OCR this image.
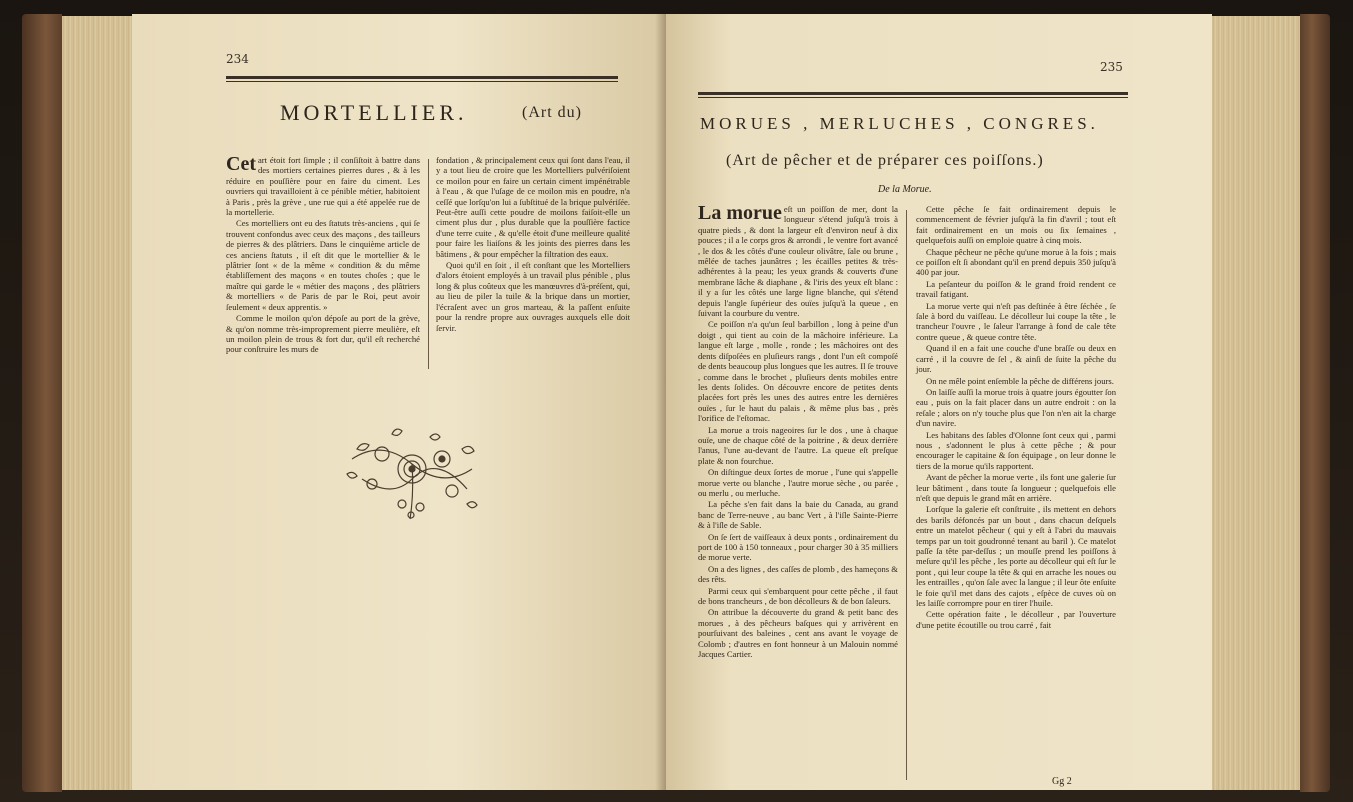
234
MORTELLIER.	(Art du)

Cet art étoit fort ſimple ; il conſiſtoit à battre dans des mortiers certaines pierres dures , & à les réduire en pouſſière pour en faire du ciment. Les ouvriers qui travailloient à ce pénible métier, habitoient à Paris , près la grève , une rue qui a été appelée rue de la mortellerie.

Ces mortelliers ont eu des ſtatuts très-anciens , qui ſe trouvent confondus avec ceux des maçons , des tailleurs de pierres & des plâtriers. Dans le cinquième article de ces anciens ſtatuts , il eſt dit que le mortellier & le plâtrier ſont « de la même « condition & du même établiſſement des maçons « en toutes choſes ; que le maître qui garde le « métier des maçons , des plâtriers & mortelliers « de Paris de par le Roi, peut avoir ſeulement « deux apprentis. »

Comme le moilon qu'on dépoſe au port de la grève, & qu'on nomme très-improprement pierre meulière, eſt un moilon plein de trous & fort dur, qu'il eſt recherché pour conſtruire les murs de

fondation , & principalement ceux qui ſont dans l'eau, il y a tout lieu de croire que les Mortelliers pulvériſoient ce moilon pour en faire un certain ciment impénétrable à l'eau , & que l'uſage de ce moilon mis en poudre, n'a ceſſé que lorſqu'on lui a ſubſtitué de la brique pulvériſée. Peut-être auſſi cette poudre de moilons faiſoit-elle un ciment plus dur , plus durable que la pouſſière factice d'une terre cuite , & qu'elle étoit d'une meilleure qualité pour faire les liaiſons & les joints des pierres dans les bâtimens , & pour empêcher la filtration des eaux.

Quoi qu'il en ſoit , il eſt conſtant que les Mortelliers d'alors étoient employés à un travail plus pénible , plus long & plus coûteux que les manœuvres d'à-préſent, qui, au lieu de piler la tuile & la brique dans un mortier, l'écraſent avec un gros marteau, & la paſſent enſuite pour la rendre propre aux ouvrages auxquels elle doit ſervir.

235
MORUES , MERLUCHES , CONGRES.
(Art de pêcher et de préparer ces poiſſons.)
De la Morue.

La morue eſt un poiſſon de mer, dont la longueur s'étend juſqu'à trois à quatre pieds , & dont la largeur eſt d'environ neuf à dix pouces ; il a le corps gros & arrondi , le ventre fort avancé , le dos & les côtés d'une couleur olivâtre, ſale ou brune , mêlée de taches jaunâtres ; les écailles petites & très-adhérentes à la peau; les yeux grands & couverts d'une membrane lâche & diaphane , & l'iris des yeux eſt blanc : il y a ſur les côtés une large ligne blanche, qui s'étend depuis l'angle ſupérieur des ouïes juſqu'à la queue , en ſuivant la courbure du ventre.

Ce poiſſon n'a qu'un ſeul barbillon , long à peine d'un doigt , qui tient au coin de la mâchoire inférieure. La langue eſt large , molle , ronde ; les mâchoires ont des dents diſpoſées en pluſieurs rangs , dont l'un eſt compoſé de dents beaucoup plus longues que les autres. Il ſe trouve , comme dans le brochet , pluſieurs dents mobiles entre les dents ſolides. On découvre encore de petites dents placées fort près les unes des autres entre les dernières ouïes , ſur le haut du palais , & même plus bas , près l'orifice de l'eſtomac.

La morue a trois nageoires ſur le dos , une à chaque ouïe, une de chaque côté de la poitrine , & deux derrière l'anus, l'une au-devant de l'autre. La queue eſt preſque plate & non fourchue.

On diſtingue deux ſortes de morue , l'une qui s'appelle morue verte ou blanche , l'autre morue sèche , ou parée , ou merlu , ou merluche.

La pêche s'en fait dans la baie du Canada, au grand banc de Terre-neuve , au banc Vert , à l'iſle Sainte-Pierre & à l'iſle de Sable.

On ſe ſert de vaiſſeaux à deux ponts , ordinairement du port de 100 à 150 tonneaux , pour charger 30 à 35 milliers de morue verte.

On a des lignes , des caſſes de plomb , des hameçons & des rêts.

Parmi ceux qui s'embarquent pour cette pêche , il faut de bons trancheurs , de bon décolleurs & de bon ſaleurs.

On attribue la découverte du grand & petit banc des morues , à des pêcheurs baſques qui y arrivèrent en pourſuivant des baleines , cent ans avant le voyage de Colomb ; d'autres en font honneur à un Malouin nommé Jacques Cartier.

Cette pêche ſe fait ordinairement depuis le commencement de février juſqu'à la fin d'avril ; tout eſt fait ordinairement en un mois ou ſix ſemaines , quelquefois auſſi on emploie quatre à cinq mois.

Chaque pêcheur ne pêche qu'une morue à la fois ; mais ce poiſſon eſt ſi abondant qu'il en prend depuis 350 juſqu'à 400 par jour.

La peſanteur du poiſſon & le grand froid rendent ce travail fatigant.

La morue verte qui n'eſt pas deſtinée à être ſéchée , ſe ſale à bord du vaiſſeau. Le décolleur lui coupe la tête , le trancheur l'ouvre , le ſaleur l'arrange à fond de cale tête contre queue , & queue contre tête.

Quand il en a fait une couche d'une braſſe ou deux en carré , il la couvre de ſel , & ainſi de ſuite la pêche du jour.

On ne mêle point enſemble la pêche de différens jours.

On laiſſe auſſi la morue trois à quatre jours égoutter ſon eau , puis on la fait placer dans un autre endroit : on la reſale ; alors on n'y touche plus que l'on n'en ait la charge d'un navire.

Les habitans des ſables d'Olonne ſont ceux qui , parmi nous , s'adonnent le plus à cette pêche ; & pour encourager le capitaine & ſon équipage , on leur donne le tiers de la morue qu'ils rapportent.

Avant de pêcher la morue verte , ils font une galerie ſur leur bâtiment , dans toute ſa longueur ; quelquefois elle n'eſt que depuis le grand mât en arrière.

Lorſque la galerie eſt conſtruite , ils mettent en dehors des barils défoncés par un bout , dans chacun deſquels entre un matelot pêcheur ( qui y eſt à l'abri du mauvais temps par un toit goudronné tenant au baril ). Ce matelot paſſe ſa tête par-deſſus ; un mouſſe prend les poiſſons à meſure qu'il les pêche , les porte au décolleur qui eſt ſur le pont , qui leur coupe la tête & qui en arrache les noues ou les entrailles , qu'on ſale avec la langue ; il leur ôte enſuite le foie qu'il met dans des cajots , eſpèce de cuves où on les laiſſe corrompre pour en tirer l'huile.

Cette opération faite , le décolleur , par l'ouverture d'une petite écoutille ou trou carré , fait

Gg 2
